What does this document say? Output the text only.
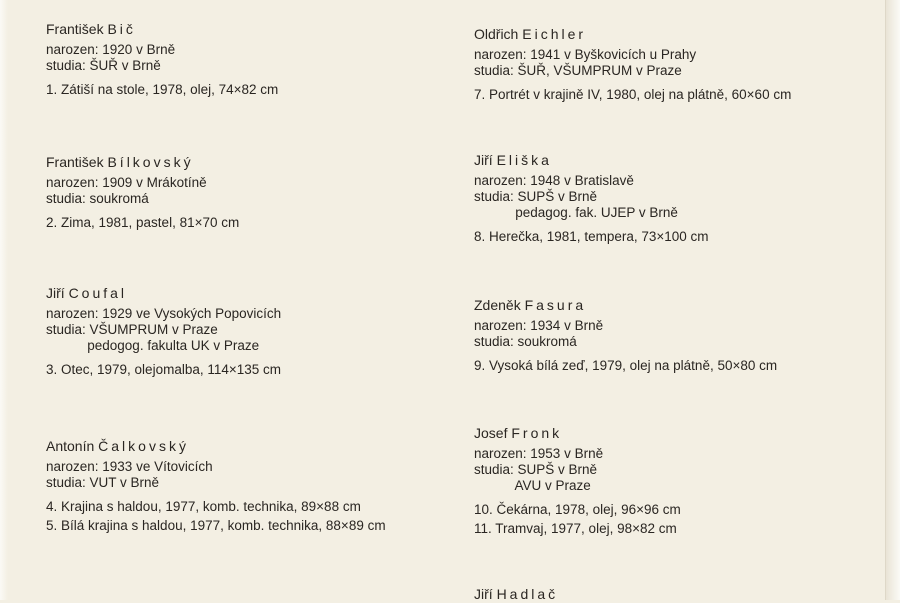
František Bič

narozen: 1920 v Brně
studia: ŠUŘ v Brně
1. Zátiší na stole, 1978, olej, 74×82 cm

František Bílkovský

narozen: 1909 v Mrákotíně
studia: soukromá
2. Zima, 1981, pastel, 81×70 cm

Jiří Coufal

narozen: 1929 ve Vysokých Popovicích
studia: VŠUMPRUM v Praze
pedogog. fakulta UK v Praze
3. Otec, 1979, olejomalba, 114×135 cm

Antonín Čalkovský

narozen: 1933 ve Vítovicích
studia: VUT v Brně
4. Krajina s haldou, 1977, komb. technika, 89×88 cm
5. Bílá krajina s haldou, 1977, komb. technika, 88×89 cm

Oldřich Eichler

narozen: 1941 v Byškovicích u Prahy
studia: ŠUŘ, VŠUMPRUM v Praze
7. Portrét v krajině IV, 1980, olej na plátně, 60×60 cm

Jiří Eliška

narozen: 1948 v Bratislavě
studia: SUPŠ v Brně
pedagog. fak. UJEP v Brně
8. Herečka, 1981, tempera, 73×100 cm

Zdeněk Fasura

narozen: 1934 v Brně
studia: soukromá
9. Vysoká bílá zeď, 1979, olej na plátně, 50×80 cm

Josef Fronk

narozen: 1953 v Brně
studia: SUPŠ v Brně
AVU v Praze
10. Čekárna, 1978, olej, 96×96 cm
11. Tramvaj, 1977, olej, 98×82 cm

Jiří Hadlač
